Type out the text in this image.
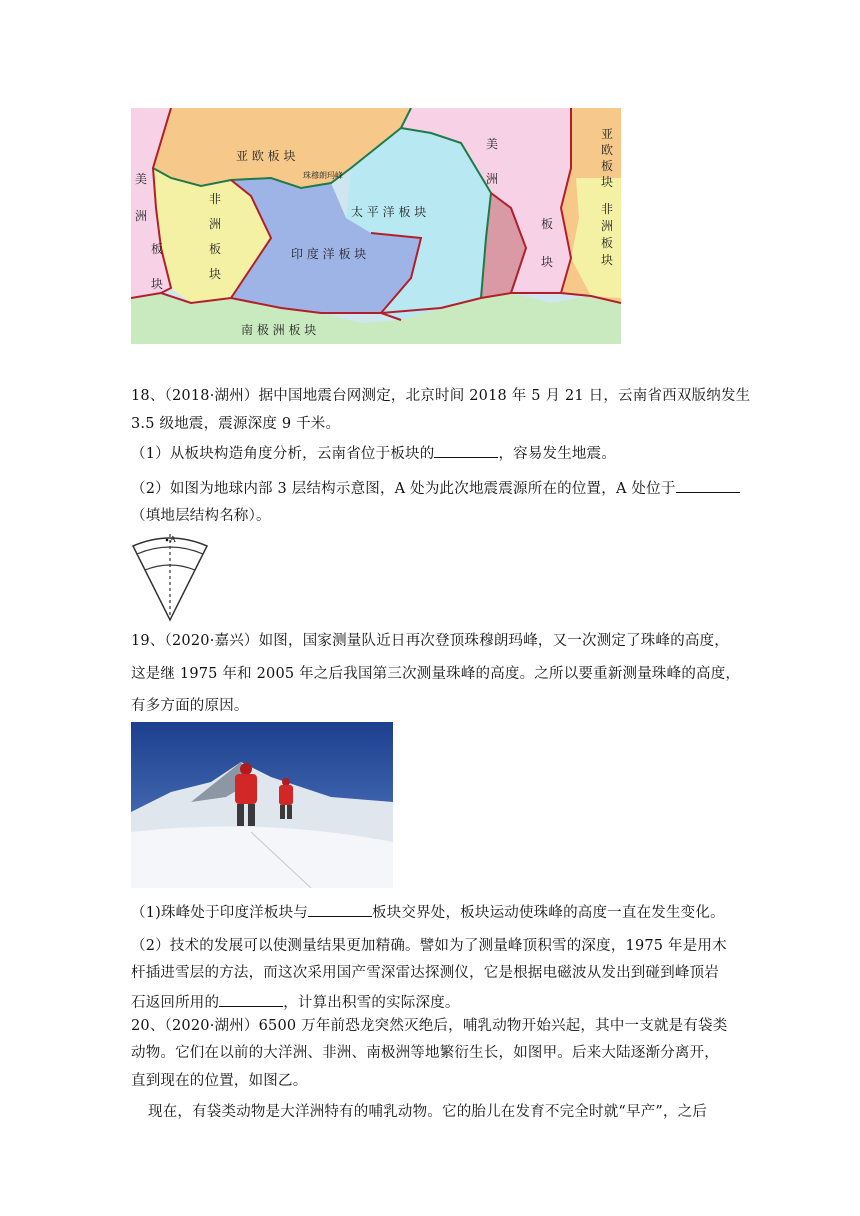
亚 欧 板 块
太 平 洋 板 块
印 度 洋 板 块
南 极 洲 板 块
珠穆朗玛峰
非
洲
板
块
美
洲
板
块
美
洲
板
块
亚
欧
板
块
非
洲
板
块
18、（2018·湖州）据中国地震台网测定，北京时间 2018 年 5 月 21 日，云南省西双版纳发生
3.5 级地震，震源深度 9 千米。
（1）从板块构造角度分析，云南省位于板块的	，容易发生地震。
（2）如图为地球内部 3 层结构示意图，A 处为此次地震震源所在的位置，A 处位于
（填地层结构名称）。
A
19、（2020·嘉兴）如图，国家测量队近日再次登顶珠穆朗玛峰，又一次测定了珠峰的高度，
这是继 1975 年和 2005 年之后我国第三次测量珠峰的高度。之所以要重新测量珠峰的高度，
有多方面的原因。
（1)珠峰处于印度洋板块与	板块交界处，板块运动使珠峰的高度一直在发生变化。
（2）技术的发展可以使测量结果更加精确。譬如为了测量峰顶积雪的深度，1975 年是用木
杆插进雪层的方法，而这次采用国产雪深雷达探测仪，它是根据电磁波从发出到碰到峰顶岩
石返回所用的	，计算出积雪的实际深度。
20、（2020·湖州）6500 万年前恐龙突然灭绝后，哺乳动物开始兴起，其中一支就是有袋类
动物。它们在以前的大洋洲、非洲、南极洲等地繁衍生长，如图甲。后来大陆逐渐分离开，
直到现在的位置，如图乙。
现在，有袋类动物是大洋洲特有的哺乳动物。它的胎儿在发育不完全时就“早产”，之后
